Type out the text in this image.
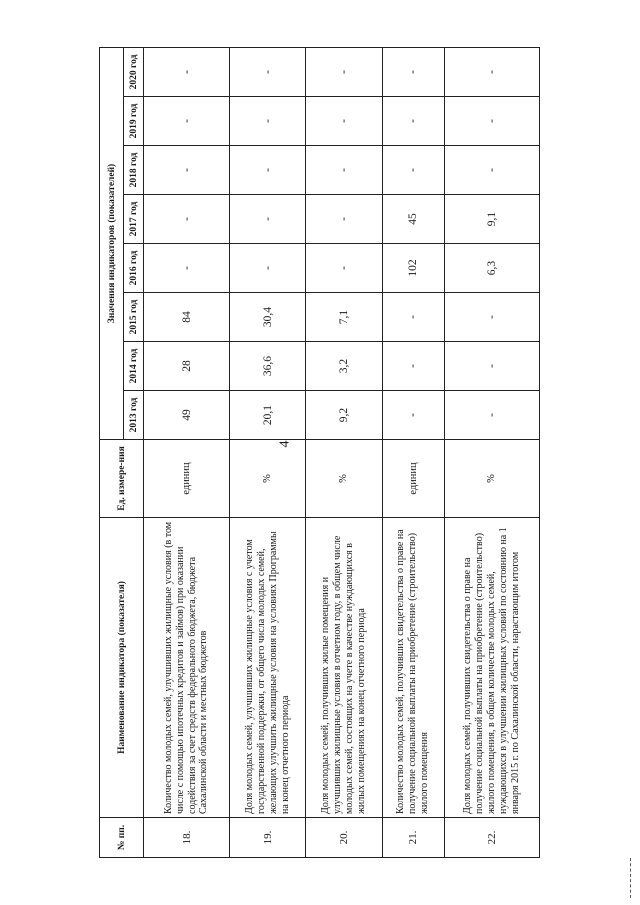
4
№ пп.	Наименование индикатора (показателя)	Ед. измере-ния	Значения индикаторов (показателей)							
			2013 год	2014 год	2015 год	2016 год	2017 год	2018 год	2019 год	2020 год
18.	Количество молодых семей, улучшивших жилищные условия (в том числе с помощью ипотечных кредитов и займов) при оказании содействия за счет средств федерального бюджета, бюджета Сахалинской области и местных бюджетов	единиц	49	28	84	-	-	-	-	-
19.	Доля молодых семей, улучшивших жилищные условия с учетом государственной поддержки, от общего числа молодых семей, желающих улучшить жилищные условия на условиях Программы на конец отчетного периода	%	20,1	36,6	30,4	-	-	-	-	-
20.	Доля молодых семей, получивших жилые помещения и улучшивших жилищные условия в отчетном году, в общем числе молодых семей, состоящих на учете в качестве нуждающихся в жилых помещениях на конец отчетного периода	%	9,2	3,2	7,1	-	-	-	-	-
21.	Количество молодых семей, получивших свидетельства о праве на получение социальной выплаты на приобретение (строительство) жилого помещения	единиц	-	-	-	102	45	-	-	-
22.	Доля молодых семей, получивших свидетельства о праве на получение социальной выплаты на приобретение (строительство) жилого помещения, в общем количестве молодых семей, нуждающихся в улучшении жилищных условий по состоянию на 1 января 2015 г. по Сахалинской области, нарастающим итогом	%	-	-	-	6,3	9,1	-	-	-
